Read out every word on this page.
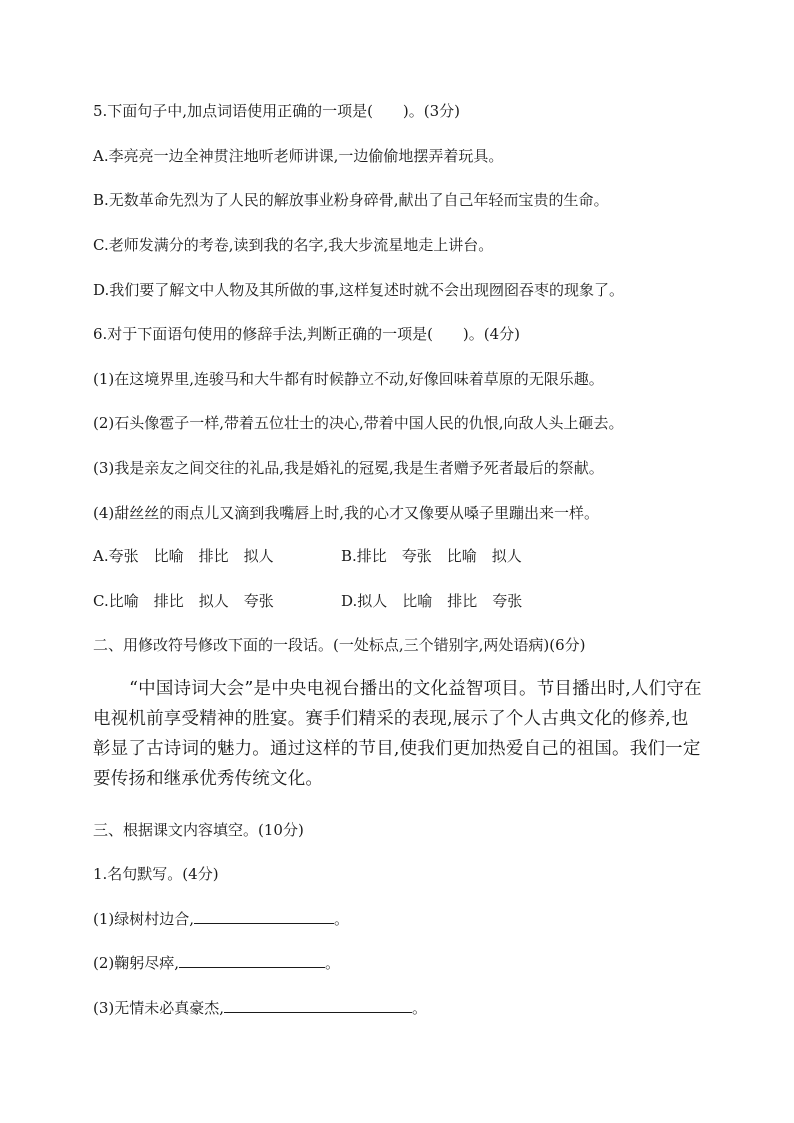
5.下面句子中,加点词语使用正确的一项是(　　)。(3分)
A.李亮亮一边全神贯注地听老师讲课,一边偷偷地摆弄着玩具。
B.无数革命先烈为了人民的解放事业粉身碎骨,献出了自己年轻而宝贵的生命。
C.老师发满分的考卷,读到我的名字,我大步流星地走上讲台。
D.我们要了解文中人物及其所做的事,这样复述时就不会出现囫囵吞枣的现象了。
6.对于下面语句使用的修辞手法,判断正确的一项是(　　)。(4分)
(1)在这境界里,连骏马和大牛都有时候静立不动,好像回味着草原的无限乐趣。
(2)石头像雹子一样,带着五位壮士的决心,带着中国人民的仇恨,向敌人头上砸去。
(3)我是亲友之间交往的礼品,我是婚礼的冠冕,我是生者赠予死者最后的祭献。
(4)甜丝丝的雨点儿又滴到我嘴唇上时,我的心才又像要从嗓子里蹦出来一样。
A.夸张　比喻　排比　拟人	B.排比　夸张　比喻　拟人
C.比喻　排比　拟人　夸张	D.拟人　比喻　排比　夸张
二、用修改符号修改下面的一段话。(一处标点,三个错别字,两处语病)(6分)
“中国诗词大会”是中央电视台播出的文化益智项目。节目播出时,人们守在电视机前享受精神的胜宴。赛手们精采的表现,展示了个人古典文化的修养,也彰显了古诗词的魅力。通过这样的节目,使我们更加热爱自己的祖国。我们一定要传扬和继承优秀传统文化。
三、根据课文内容填空。(10分)
1.名句默写。(4分)
(1)绿树村边合,	。
(2)鞠躬尽瘁,	。
(3)无情未必真豪杰,	。
